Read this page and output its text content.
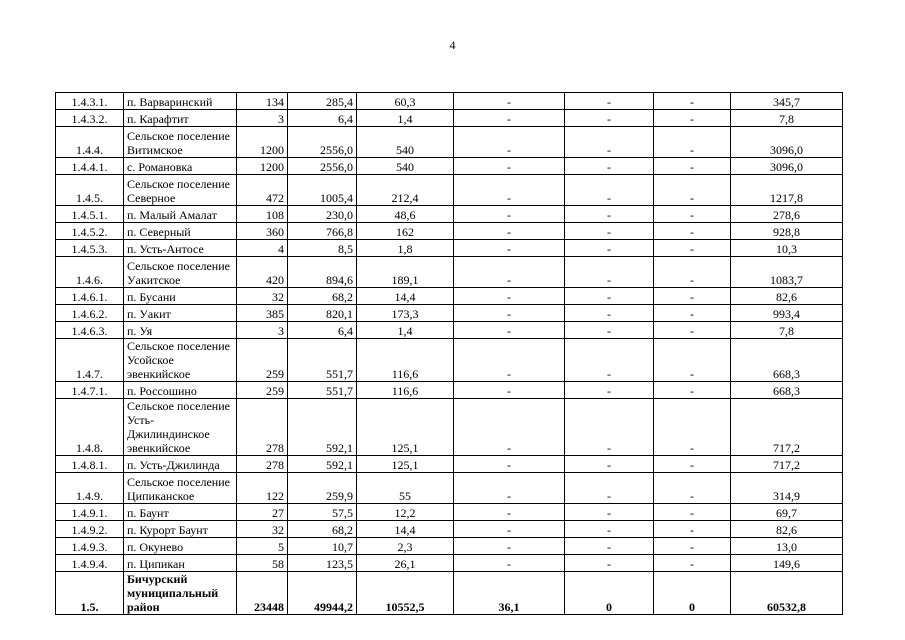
4
1.4.3.1.	п. Варваринский	134	285,4	60,3	-	-	-	345,7
1.4.3.2.	п. Карафтит	3	6,4	1,4	-	-	-	7,8
1.4.4.	Сельское поселение Витимское	1200	2556,0	540	-	-	-	3096,0
1.4.4.1.	с. Романовка	1200	2556,0	540	-	-	-	3096,0
1.4.5.	Сельское поселение Северное	472	1005,4	212,4	-	-	-	1217,8
1.4.5.1.	п. Малый Амалат	108	230,0	48,6	-	-	-	278,6
1.4.5.2.	п. Северный	360	766,8	162	-	-	-	928,8
1.4.5.3.	п. Усть-Антосе	4	8,5	1,8	-	-	-	10,3
1.4.6.	Сельское поселение Уакитское	420	894,6	189,1	-	-	-	1083,7
1.4.6.1.	п. Бусани	32	68,2	14,4	-	-	-	82,6
1.4.6.2.	п. Уакит	385	820,1	173,3	-	-	-	993,4
1.4.6.3.	п. Уя	3	6,4	1,4	-	-	-	7,8
1.4.7.	Сельское поселение Усойское эвенкийское	259	551,7	116,6	-	-	-	668,3
1.4.7.1.	п. Россошино	259	551,7	116,6	-	-	-	668,3
1.4.8.	Сельское поселение Усть-Джилиндинское эвенкийское	278	592,1	125,1	-	-	-	717,2
1.4.8.1.	п. Усть-Джилинда	278	592,1	125,1	-	-	-	717,2
1.4.9.	Сельское поселение Ципиканское	122	259,9	55	-	-	-	314,9
1.4.9.1.	п. Баунт	27	57,5	12,2	-	-	-	69,7
1.4.9.2.	п. Курорт Баунт	32	68,2	14,4	-	-	-	82,6
1.4.9.3.	п. Окунево	5	10,7	2,3	-	-	-	13,0
1.4.9.4.	п. Ципикан	58	123,5	26,1	-	-	-	149,6
1.5.	Бичурский муниципальный район	23448	49944,2	10552,5	36,1	0	0	60532,8
